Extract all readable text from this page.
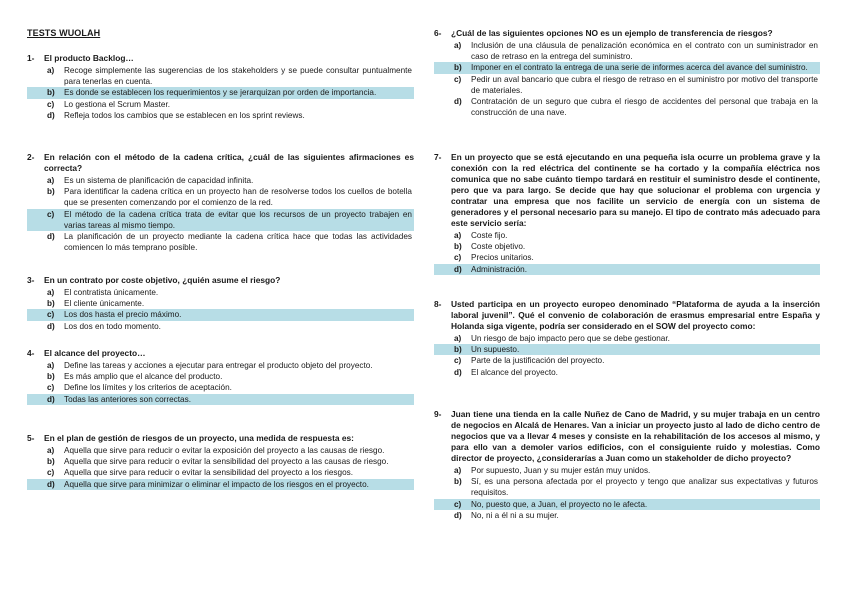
TESTS WUOLAH
1- El producto Backlog…
a) Recoge simplemente las sugerencias de los stakeholders y se puede consultar puntualmente para tenerlas en cuenta.
b) Es donde se establecen los requerimientos y se jerarquizan por orden de importancia.
c) Lo gestiona el Scrum Master.
d) Refleja todos los cambios que se establecen en los sprint reviews.
2- En relación con el método de la cadena crítica, ¿cuál de las siguientes afirmaciones es correcta?
a) Es un sistema de planificación de capacidad infinita.
b) Para identificar la cadena crítica en un proyecto han de resolverse todos los cuellos de botella que se presenten comenzando por el comienzo de la red.
c) El método de la cadena crítica trata de evitar que los recursos de un proyecto trabajen en varias tareas al mismo tiempo.
d) La planificación de un proyecto mediante la cadena crítica hace que todas las actividades comiencen lo más temprano posible.
3- En un contrato por coste objetivo, ¿quién asume el riesgo?
a) El contratista únicamente.
b) El cliente únicamente.
c) Los dos hasta el precio máximo.
d) Los dos en todo momento.
4- El alcance del proyecto…
a) Define las tareas y acciones a ejecutar para entregar el producto objeto del proyecto.
b) Es más amplio que el alcance del producto.
c) Define los límites y los criterios de aceptación.
d) Todas las anteriores son correctas.
5- En el plan de gestión de riesgos de un proyecto, una medida de respuesta es:
a) Aquella que sirve para reducir o evitar la exposición del proyecto a las causas de riesgo.
b) Aquella que sirve para reducir o evitar la sensibilidad del proyecto a las causas de riesgo.
c) Aquella que sirve para reducir o evitar la sensibilidad del proyecto a los riesgos.
d) Aquella que sirve para minimizar o eliminar el impacto de los riesgos en el proyecto.
6- ¿Cuál de las siguientes opciones NO es un ejemplo de transferencia de riesgos?
a) Inclusión de una cláusula de penalización económica en el contrato con un suministrador en caso de retraso en la entrega del suministro.
b) Imponer en el contrato la entrega de una serie de informes acerca del avance del suministro.
c) Pedir un aval bancario que cubra el riesgo de retraso en el suministro por motivo del transporte de materiales.
d) Contratación de un seguro que cubra el riesgo de accidentes del personal que trabaja en la construcción de una nave.
7- En un proyecto que se está ejecutando en una pequeña isla ocurre un problema grave y la conexión con la red eléctrica del continente se ha cortado y la compañía eléctrica nos comunica que no sabe cuánto tiempo tardará en restituir el suministro desde el continente, pero que va para largo. Se decide que hay que solucionar el problema con urgencia y contratar una empresa que nos facilite un servicio de energía con un sistema de generadores y el personal necesario para su manejo. El tipo de contrato más adecuado para este servicio sería:
a) Coste fijo.
b) Coste objetivo.
c) Precios unitarios.
d) Administración.
8- Usted participa en un proyecto europeo denominado “Plataforma de ayuda a la inserción laboral juvenil”. Qué el convenio de colaboración de erasmus empresarial entre España y Holanda siga vigente, podría ser considerado en el SOW del proyecto como:
a) Un riesgo de bajo impacto pero que se debe gestionar.
b) Un supuesto.
c) Parte de la justificación del proyecto.
d) El alcance del proyecto.
9- Juan tiene una tienda en la calle Nuñez de Cano de Madrid, y su mujer trabaja en un centro de negocios en Alcalá de Henares. Van a iniciar un proyecto justo al lado de dicho centro de negocios que va a llevar 4 meses y consiste en la rehabilitación de los accesos al mismo, y para ello van a demoler varios edificios, con el consiguiente ruido y molestias. Como director de proyecto, ¿considerarías a Juan como un stakeholder de dicho proyecto?
a) Por supuesto, Juan y su mujer están muy unidos.
b) Sí, es una persona afectada por el proyecto y tengo que analizar sus expectativas y futuros requisitos.
c) No, puesto que, a Juan, el proyecto no le afecta.
d) No, ni a él ni a su mujer.
